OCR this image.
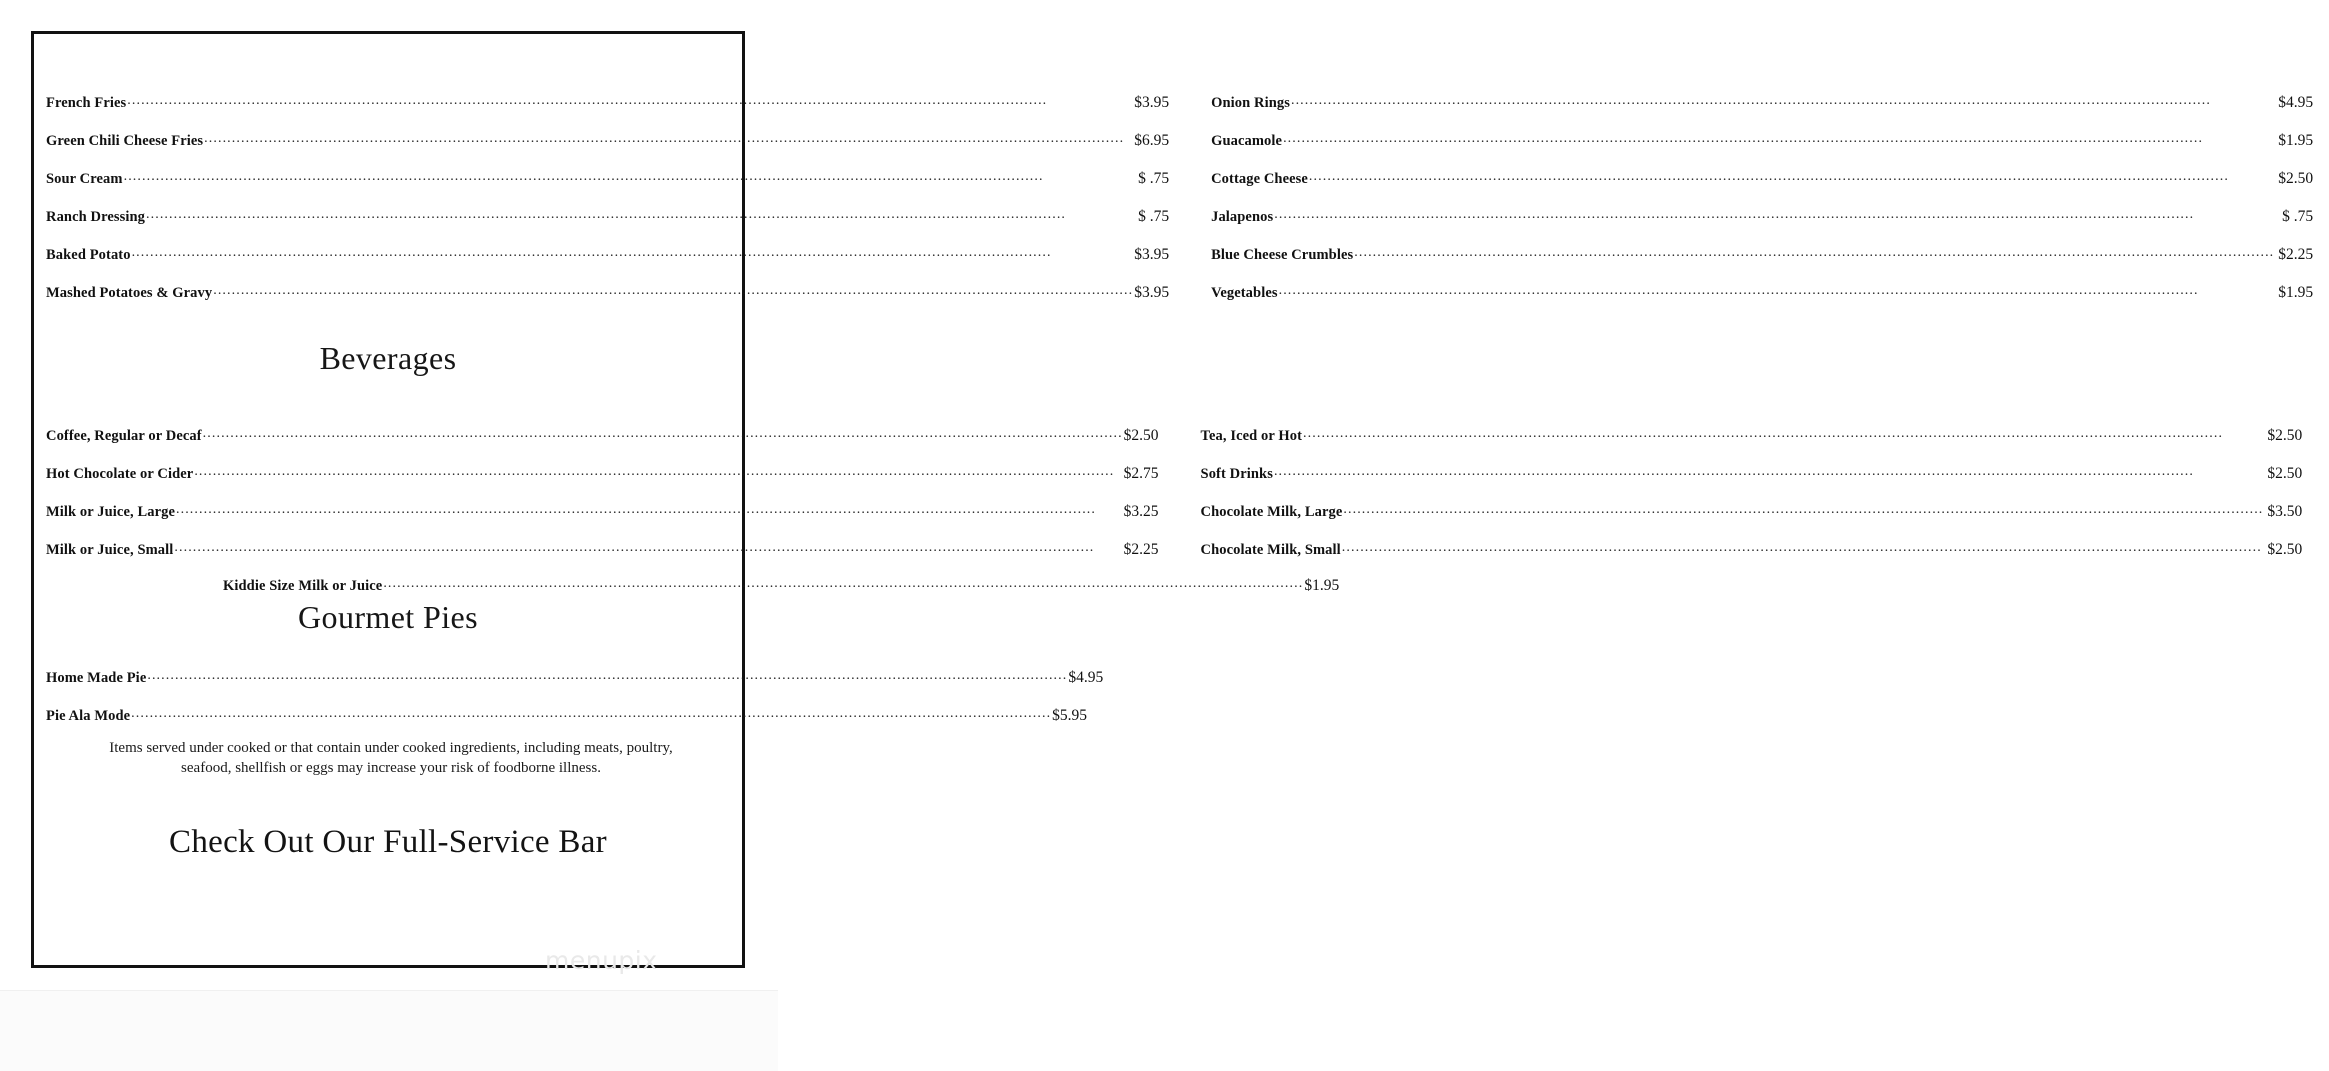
French Fries .....	$3.95
Green Chili Cheese Fries .....	$6.95
Sour Cream .....	$ .75
Ranch Dressing .....	$ .75
Baked Potato .....	$3.95
Mashed Potatoes & Gravy .....	$3.95
Onion Rings .....	$4.95
Guacamole .....	$1.95
Cottage Cheese .....	$2.50
Jalapenos .....	$ .75
Blue Cheese Crumbles .....	$2.25
Vegetables .....	$1.95
Beverages
Coffee, Regular or Decaf .....	$2.50
Hot Chocolate or Cider .....	$2.75
Milk or Juice, Large .....	$3.25
Milk or Juice, Small .....	$2.25
Tea, Iced or Hot .....	$2.50
Soft Drinks .....	$2.50
Chocolate Milk, Large .....	$3.50
Chocolate Milk, Small .....	$2.50
Kiddie Size Milk or Juice .....	$1.95
Gourmet Pies
Home Made Pie .....	$4.95
Pie Ala Mode .....	$5.95
Items served under cooked or that contain under cooked ingredients, including meats, poultry,
seafood, shellfish or eggs may increase your risk of foodborne illness.
Check Out Our Full-Service Bar
menupix
